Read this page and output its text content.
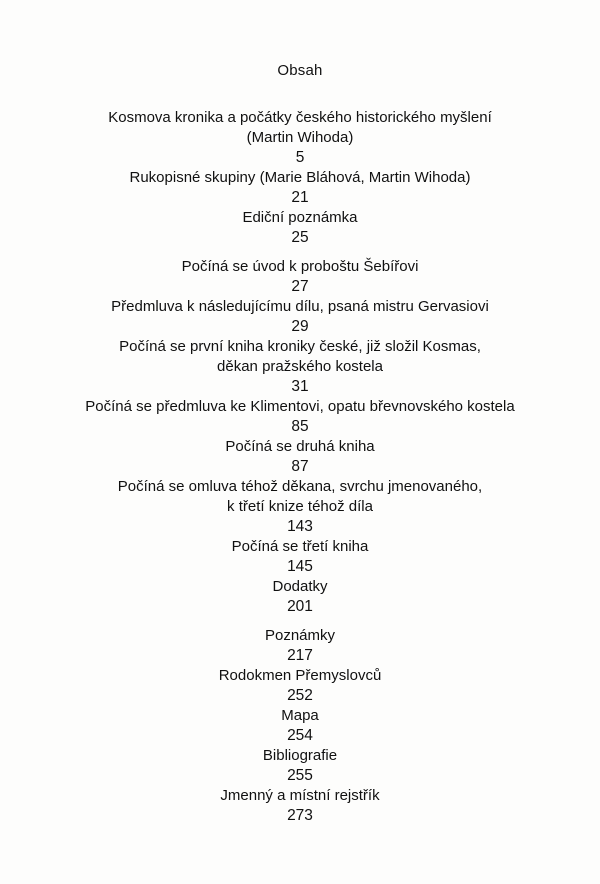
Obsah
Kosmova kronika a počátky českého historického myšlení
(Martin Wihoda)
5
Rukopisné skupiny (Marie Bláhová, Martin Wihoda)
21
Ediční poznámka
25
Počíná se úvod k proboštu Šebířovi
27
Předmluva k následujícímu dílu, psaná mistru Gervasiovi
29
Počíná se první kniha kroniky české, již složil Kosmas,
děkan pražského kostela
31
Počíná se předmluva ke Klimentovi, opatu břevnovského kostela
85
Počíná se druhá kniha
87
Počíná se omluva téhož děkana, svrchu jmenovaného,
k třetí knize téhož díla
143
Počíná se třetí kniha
145
Dodatky
201
Poznámky
217
Rodokmen Přemyslovců
252
Mapa
254
Bibliografie
255
Jmenný a místní rejstřík
273
